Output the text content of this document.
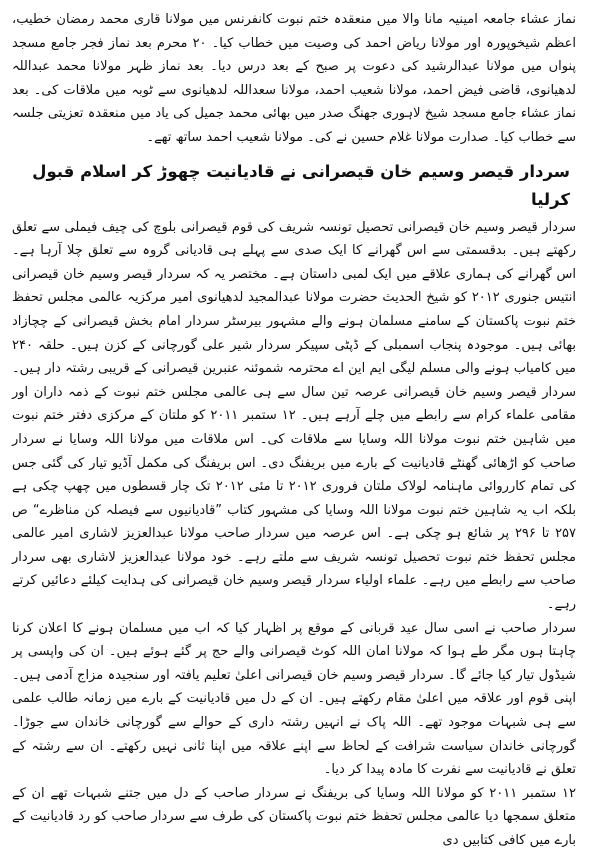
نماز عشاء جامعہ امینیہ مانا والا میں منعقدہ ختم نبوت کانفرنس میں مولانا قاری محمد رمضان خطیب، اعظم شیخوپورہ اور مولانا ریاض احمد کی وصیت میں خطاب کیا۔ ۲۰ محرم بعد نماز فجر جامع مسجد پنواں میں مولانا عبدالرشید کی دعوت پر صبح کے بعد درس دیا۔ بعد نماز ظہر مولانا محمد عبداللہ لدھیانوی، قاضی فیض احمد، مولانا شعیب احمد، مولانا سعداللہ لدھیانوی سے ٹوبہ میں ملاقات کی۔ بعد نماز عشاء جامع مسجد شیخ لاہوری جھنگ صدر میں بھائی محمد جمیل کی یاد میں منعقدہ تعزیتی جلسہ سے خطاب کیا۔ صدارت مولانا غلام حسین نے کی۔ مولانا شعیب احمد ساتھ تھے۔

سردار قیصر وسیم خان قیصرانی نے قادیانیت چھوڑ کر اسلام قبول کرلیا

سردار قیصر وسیم خان قیصرانی تحصیل تونسہ شریف کی قوم قیصرانی بلوچ کی چیف فیملی سے تعلق رکھتے ہیں۔ بدقسمتی سے اس گھرانے کا ایک صدی سے پہلے ہی قادیانی گروہ سے تعلق چلا آرہا ہے۔ اس گھرانے کی ہماری علاقے میں ایک لمبی داستان ہے۔ مختصر یہ کہ سردار قیصر وسیم خان قیصرانی انتیس جنوری ۲۰۱۲ کو شیخ الحدیث حضرت مولانا عبدالمجید لدھیانوی امیر مرکزیہ عالمی مجلس تحفظ ختم نبوت پاکستان کے سامنے مسلمان ہونے والے مشہور بیرسٹر سردار امام بخش قیصرانی کے چچازاد بھائی ہیں۔ موجودہ پنجاب اسمبلی کے ڈپٹی سپیکر سردار شیر علی گورچانی کے کزن ہیں۔ حلقہ ۲۴۰ میں کامیاب ہونے والی مسلم لیگی ایم این اے محترمہ شموئنہ عنبرین قیصرانی کے قریبی رشتہ دار ہیں۔ سردار قیصر وسیم خان قیصرانی عرصہ تین سال سے ہی عالمی مجلس ختم نبوت کے ذمہ داران اور مقامی علماء کرام سے رابطے میں چلے آرہے ہیں۔ ۱۲ ستمبر ۲۰۱۱ کو ملتان کے مرکزی دفتر ختم نبوت میں شاہین ختم نبوت مولانا اللہ وسایا سے ملاقات کی۔ اس ملاقات میں مولانا اللہ وسایا نے سردار صاحب کو اڑھائی گھنٹے قادیانیت کے بارے میں بریفنگ دی۔ اس بریفنگ کی مکمل آڈیو تیار کی گئی جس کی تمام کارروائی ماہنامہ لولاک ملتان فروری ۲۰۱۲ تا مئی ۲۰۱۲ تک چار قسطوں میں چھپ چکی ہے بلکہ اب یہ شاہین ختم نبوت مولانا اللہ وسایا کی مشہور کتاب ”قادیانیوں سے فیصلہ کن مناظرے“ ص ۲۵۷ تا ۲۹۶ پر شائع ہو چکی ہے۔ اس عرصہ میں سردار صاحب مولانا عبدالعزیز لاشاری امیر عالمی مجلس تحفظ ختم نبوت تحصیل تونسہ شریف سے ملتے رہے۔ خود مولانا عبدالعزیز لاشاری بھی سردار صاحب سے رابطے میں رہے۔ علماء اولیاء سردار قیصر وسیم خان قیصرانی کی ہدایت کیلئے دعائیں کرتے رہے۔

سردار صاحب نے اسی سال عید قربانی کے موقع پر اظہار کیا کہ اب میں مسلمان ہونے کا اعلان کرنا چاہتا ہوں مگر طے ہوا کہ مولانا امان اللہ کوٹ قیصرانی والے حج پر گئے ہوئے ہیں۔ ان کی واپسی پر شیڈول تیار کیا جائے گا۔ سردار قیصر وسیم خان قیصرانی اعلیٰ تعلیم یافتہ اور سنجیدہ مزاج آدمی ہیں۔ اپنی قوم اور علاقہ میں اعلیٰ مقام رکھتے ہیں۔ ان کے دل میں قادیانیت کے بارے میں زمانہ طالب علمی سے ہی شبہات موجود تھے۔ اللہ پاک نے انہیں رشتہ داری کے حوالے سے گورچانی خاندان سے جوڑا۔ گورچانی خاندان سیاست شرافت کے لحاظ سے اپنے علاقہ میں اپنا ثانی نہیں رکھتے۔ ان سے رشتہ کے تعلق نے قادیانیت سے نفرت کا مادہ پیدا کر دیا۔

۱۲ ستمبر ۲۰۱۱ کو مولانا اللہ وسایا کی بریفنگ نے سردار صاحب کے دل میں جتنے شبہات تھے ان کے متعلق سمجھا دیا عالمی مجلس تحفظ ختم نبوت پاکستان کی طرف سے سردار صاحب کو رد قادیانیت کے بارے میں کافی کتابیں دی
